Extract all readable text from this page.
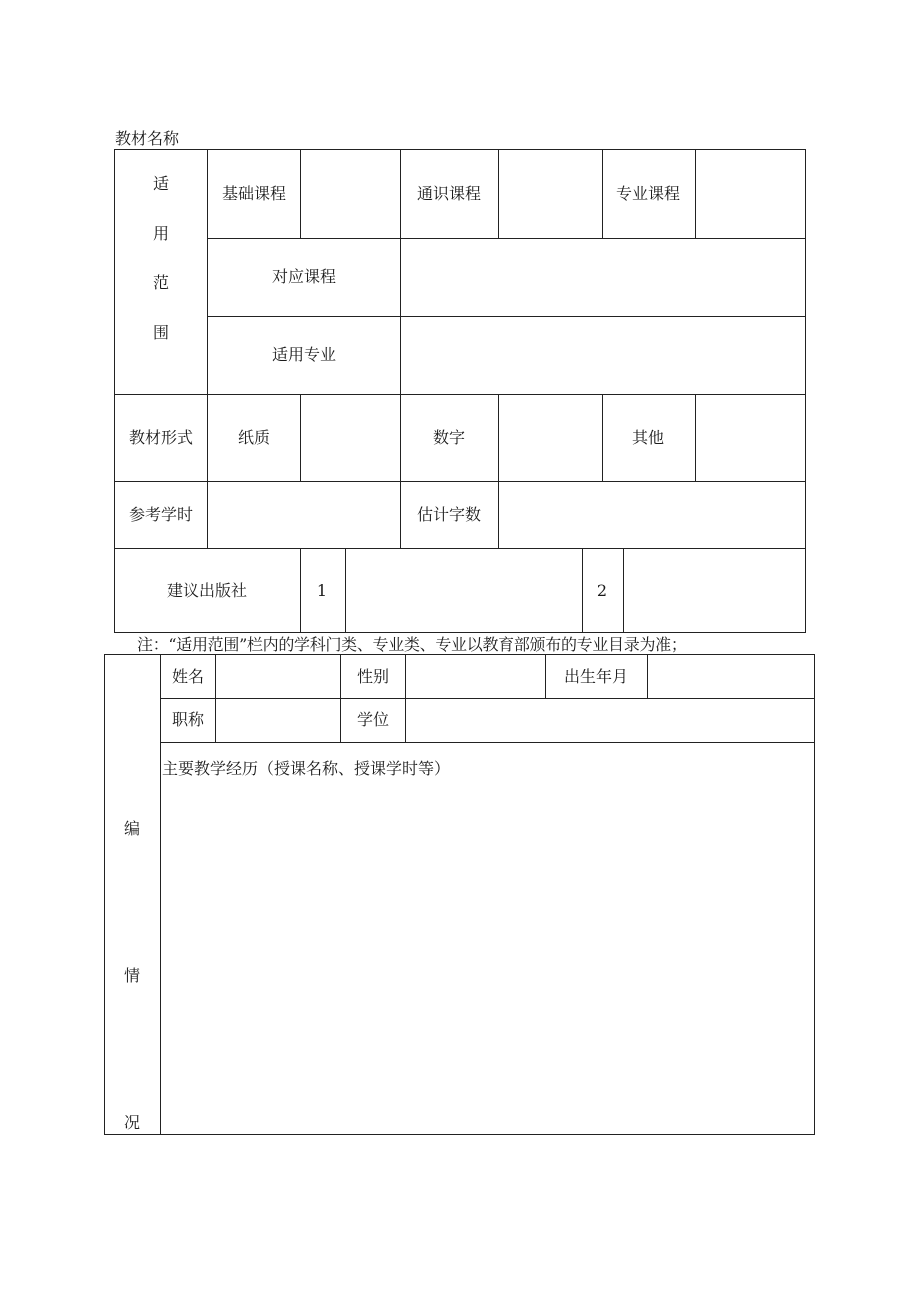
教材名称
适
用
范
围
基础课程	通识课程	专业课程
对应课程
适用专业
教材形式	纸质	数字	其他
参考学时	估计字数
建议出版社	1	2
注：“适用范围”栏内的学科门类、专业类、专业以教育部颁布的专业目录为准；
编
情
况
姓名	性别	出生年月
职称	学位
主要教学经历（授课名称、授课学时等）
